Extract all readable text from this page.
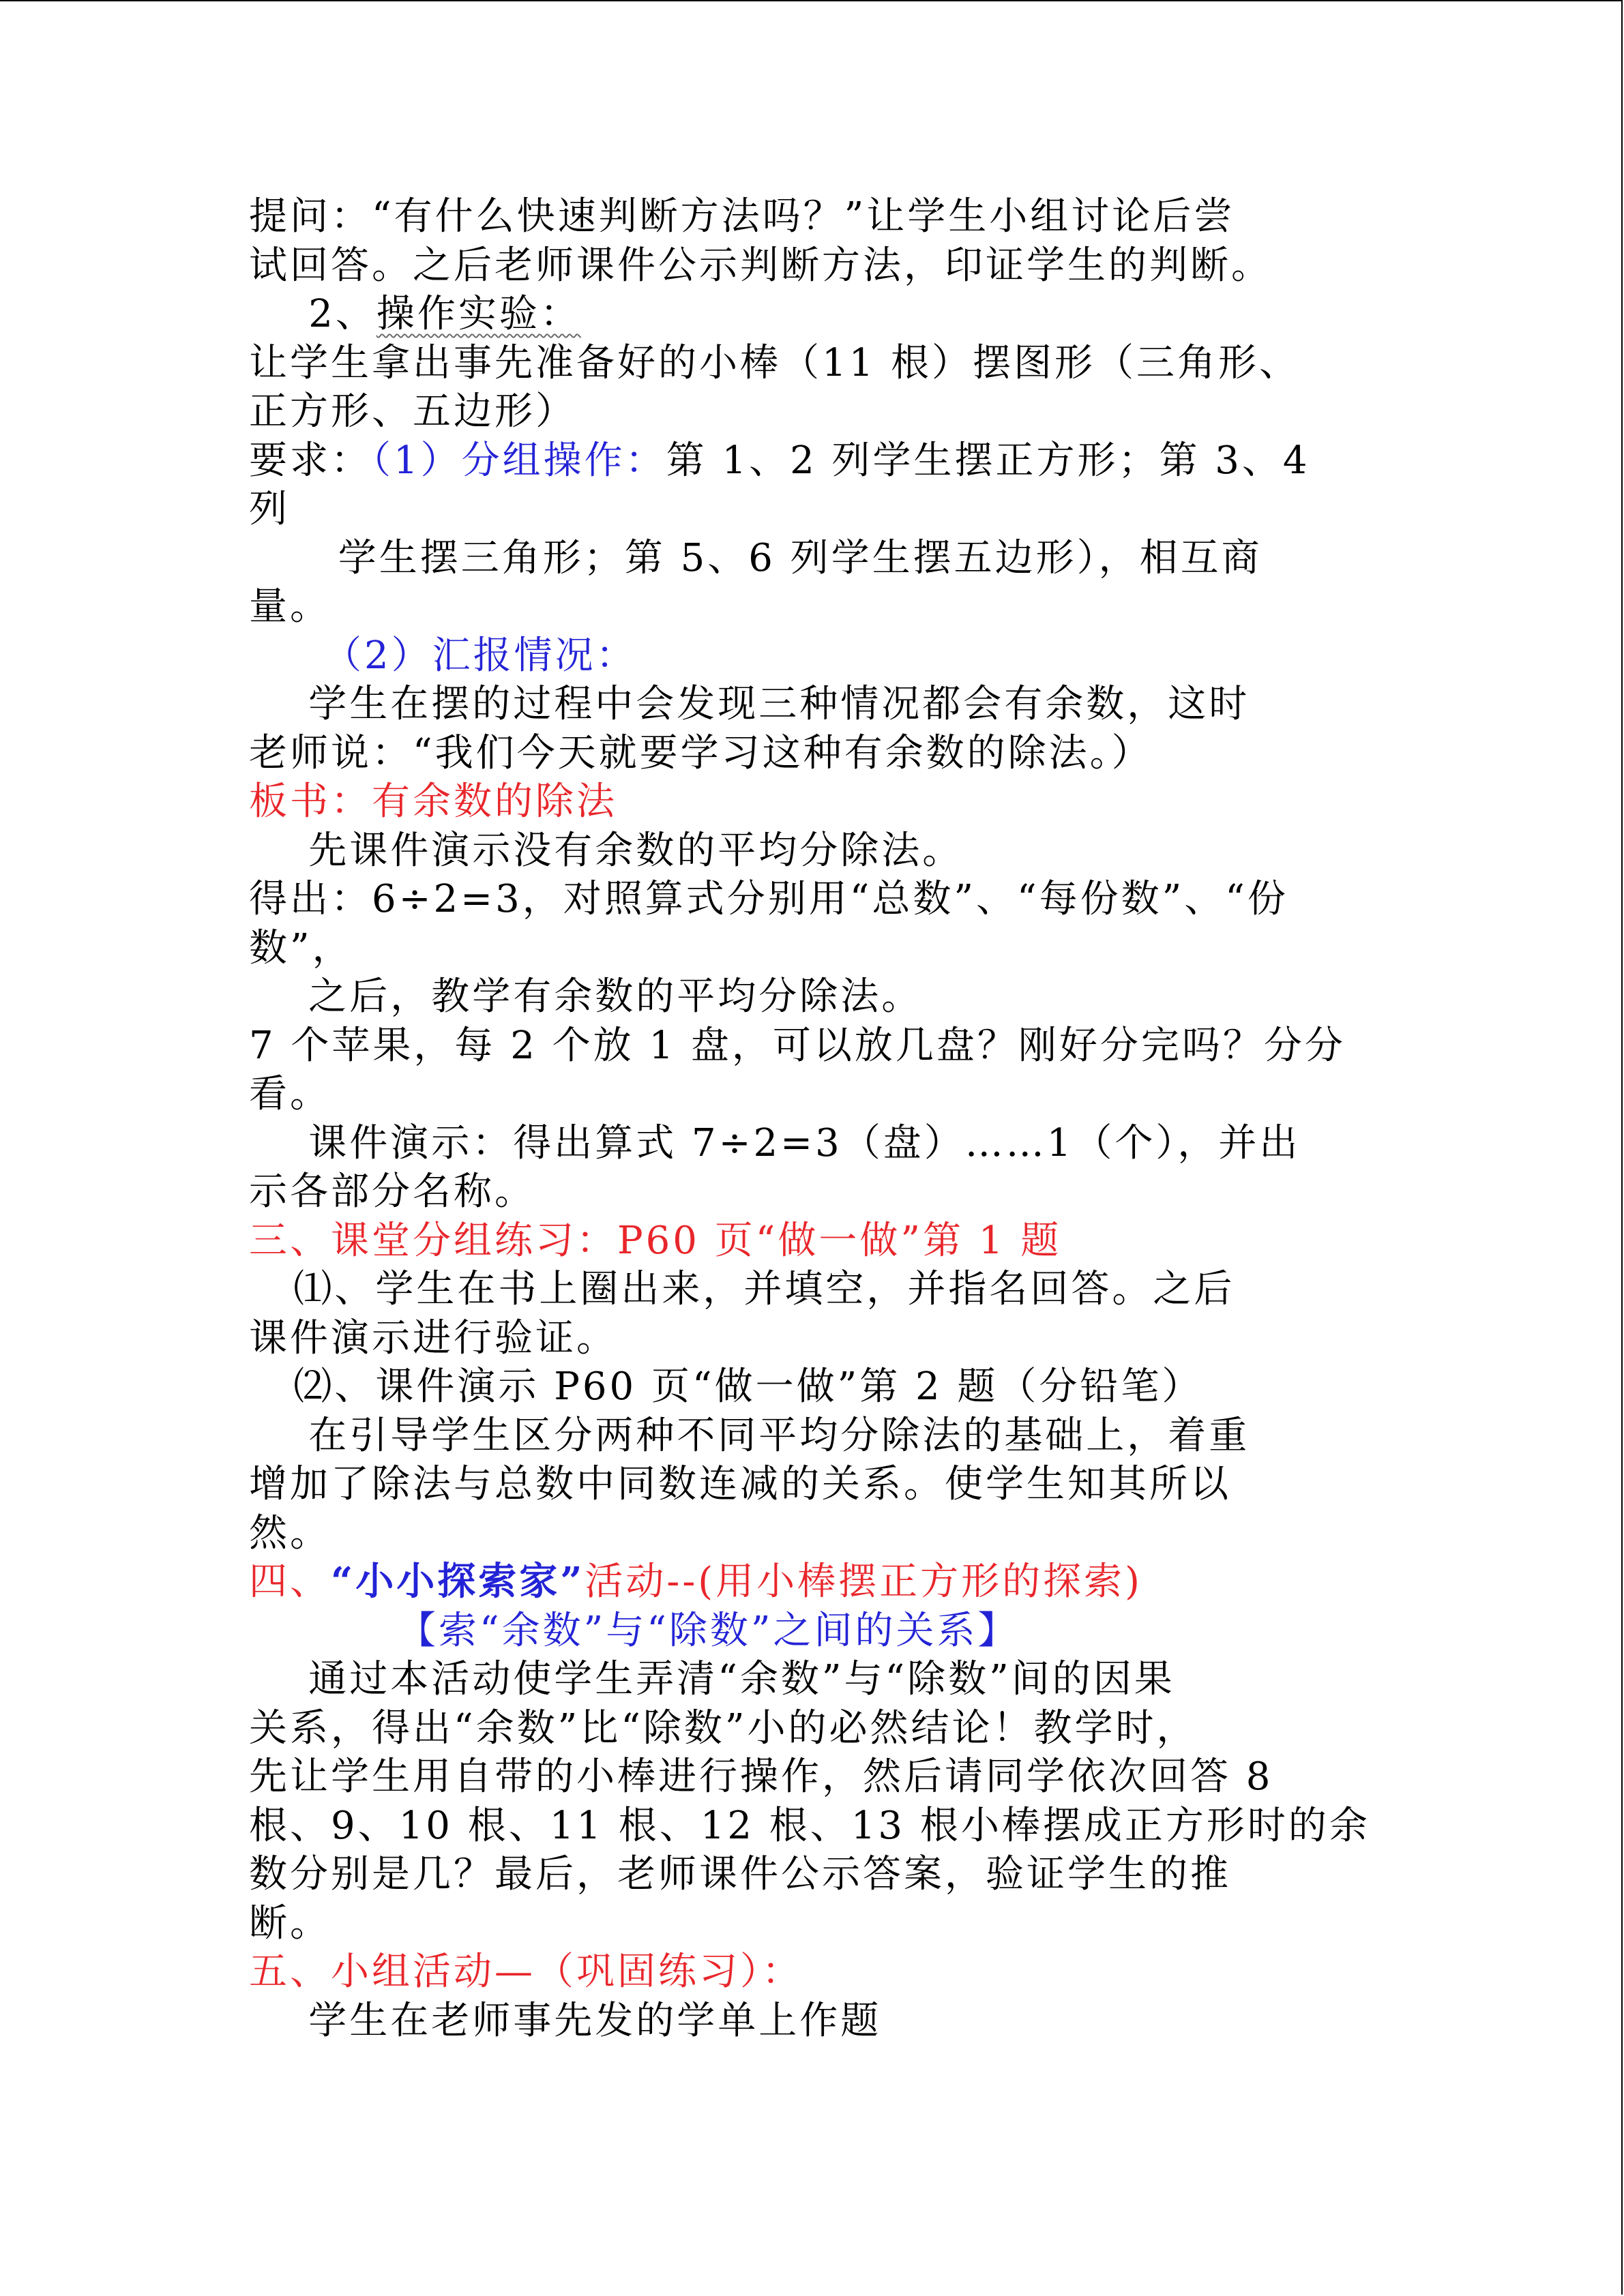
提问：“有什么快速判断方法吗？”让学生小组讨论后尝
试回答。之后老师课件公示判断方法，印证学生的判断。
2、操作实验：
让学生拿出事先准备好的小棒（11 根）摆图形（三角形、
正方形、五边形）
要求：（1）分组操作：第 1、2 列学生摆正方形；第 3、4
列
学生摆三角形；第 5、6 列学生摆五边形），相互商
量。
（2）汇报情况：
学生在摆的过程中会发现三种情况都会有余数，这时
老师说：“我们今天就要学习这种有余数的除法。）
板书：有余数的除法
先课件演示没有余数的平均分除法。
得出：6÷2=3，对照算式分别用“总数”、“每份数”、“份
数”，
之后，教学有余数的平均分除法。
7 个苹果，每 2 个放 1 盘，可以放几盘？刚好分完吗？分分
看。
课件演示：得出算式 7÷2=3（盘）……1（个），并出
示各部分名称。
三、课堂分组练习：P60 页“做一做”第 1 题
⑴、学生在书上圈出来，并填空，并指名回答。之后
课件演示进行验证。
⑵、课件演示 P60 页“做一做”第 2 题（分铅笔）
在引导学生区分两种不同平均分除法的基础上，着重
增加了除法与总数中同数连减的关系。使学生知其所以
然。
四、“小小探索家”活动--(用小棒摆正方形的探索)
【索“余数”与“除数”之间的关系】
通过本活动使学生弄清“余数”与“除数”间的因果
关系，得出“余数”比“除数”小的必然结论！教学时，
先让学生用自带的小棒进行操作，然后请同学依次回答 8
根、9、10 根、11 根、12 根、13 根小棒摆成正方形时的余
数分别是几？最后，老师课件公示答案，验证学生的推
断。
五、小组活动—（巩固练习）：
学生在老师事先发的学单上作题
